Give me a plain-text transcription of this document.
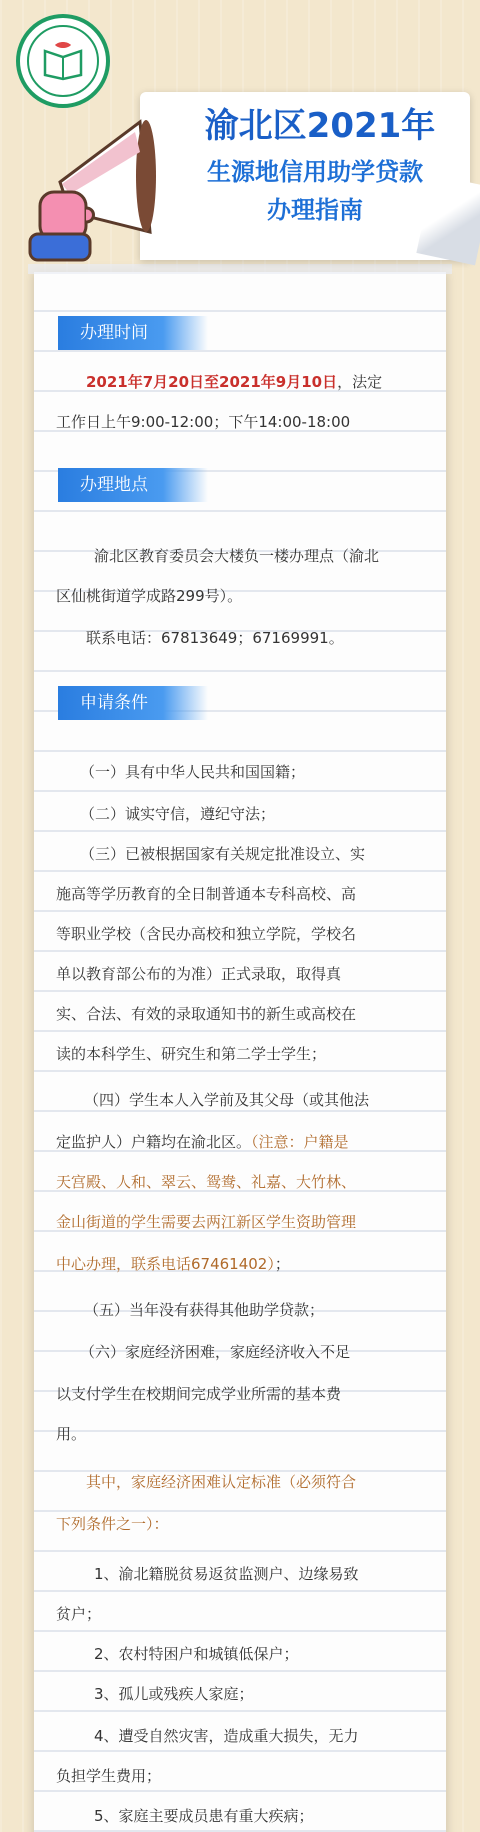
渝北区2021年
生源地信用助学贷款
办理指南
办理时间
2021年7月20日至2021年9月10日，法定
工作日上午9:00-12:00；下午14:00-18:00
办理地点
渝北区教育委员会大楼负一楼办理点（渝北
区仙桃街道学成路299号）。
联系电话：67813649；67169991。
申请条件
（一）具有中华人民共和国国籍；
（二）诚实守信，遵纪守法；
（三）已被根据国家有关规定批准设立、实
施高等学历教育的全日制普通本专科高校、高
等职业学校（含民办高校和独立学院，学校名
单以教育部公布的为准）正式录取，取得真
实、合法、有效的录取通知书的新生或高校在
读的本科学生、研究生和第二学士学生；
（四）学生本人入学前及其父母（或其他法
定监护人）户籍均在渝北区。（注意：户籍是
天宫殿、人和、翠云、鸳鸯、礼嘉、大竹林、
金山街道的学生需要去两江新区学生资助管理
中心办理，联系电话67461402）；
（五）当年没有获得其他助学贷款；
（六）家庭经济困难，家庭经济收入不足
以支付学生在校期间完成学业所需的基本费
用。
其中，家庭经济困难认定标准（必须符合
下列条件之一）：
1、渝北籍脱贫易返贫监测户、边缘易致
贫户；
2、农村特困户和城镇低保户；
3、孤儿或残疾人家庭；
4、遭受自然灾害，造成重大损失，无力
负担学生费用；
5、家庭主要成员患有重大疾病；
